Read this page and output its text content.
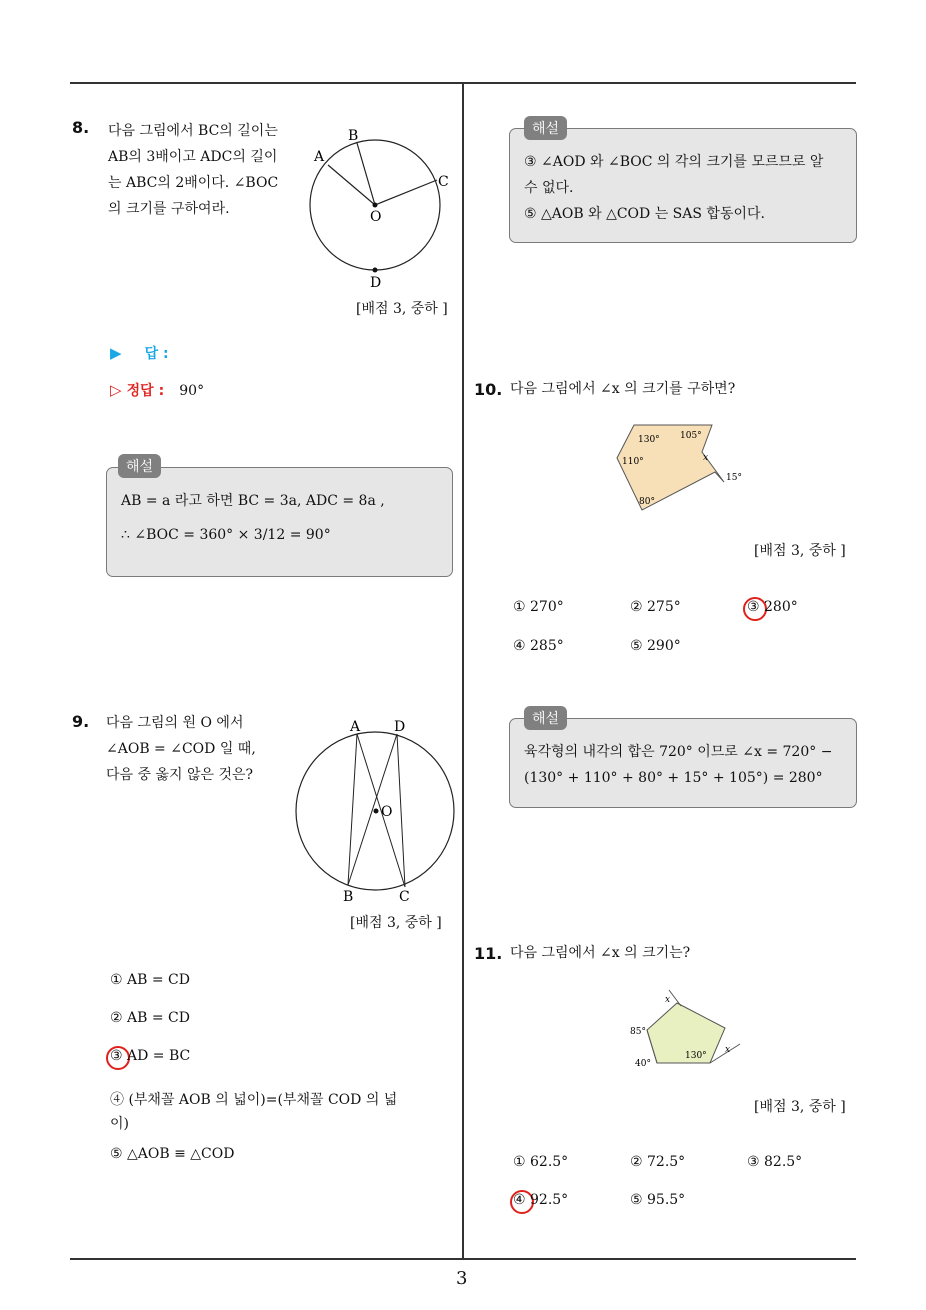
8. 다음 그림에서 BC의 길이는
AB의 3배이고 ADC의 길이
는 ABC의 2배이다. ∠BOC
의 크기를 구하여라.
A
B
C
O
D
[배점 3, 중하 ]
▶ 답 :
▷ 정답 : 90°
AB = a 라고 하면 BC = 3a, ADC = 8a ,
∴ ∠BOC = 360° × 3/12 = 90°
해설
9. 다음 그림의 원 O 에서
∠AOB = ∠COD 일 때,
다음 중 옳지 않은 것은?
A D
O
B	C
[배점 3, 중하 ]
① AB = CD
② AB = CD
③ AD = BC
④ (부채꼴 AOB 의 넓이)=(부채꼴 COD 의 넓이)
⑤ △AOB ≡ △COD
③ ∠AOD 와 ∠BOC 의 각의 크기를 모르므로 알
수 없다.
⑤ △AOB 와 △COD 는 SAS 합동이다.
해설
10. 다음 그림에서 ∠x 의 크기를 구하면?
130° 105°
110°	x
15°
80°
[배점 3, 중하 ]
① 270°	② 275°	③ 280°
④ 285°	⑤ 290°
육각형의 내각의 합은 720° 이므로 ∠x = 720° −
(130° + 110° + 80° + 15° + 105°) = 280°
해설
11. 다음 그림에서 ∠x 의 크기는?
x
85°
40°
130°
x
[배점 3, 중하 ]
① 62.5°	② 72.5°	③ 82.5°
④ 92.5°	⑤ 95.5°
3
